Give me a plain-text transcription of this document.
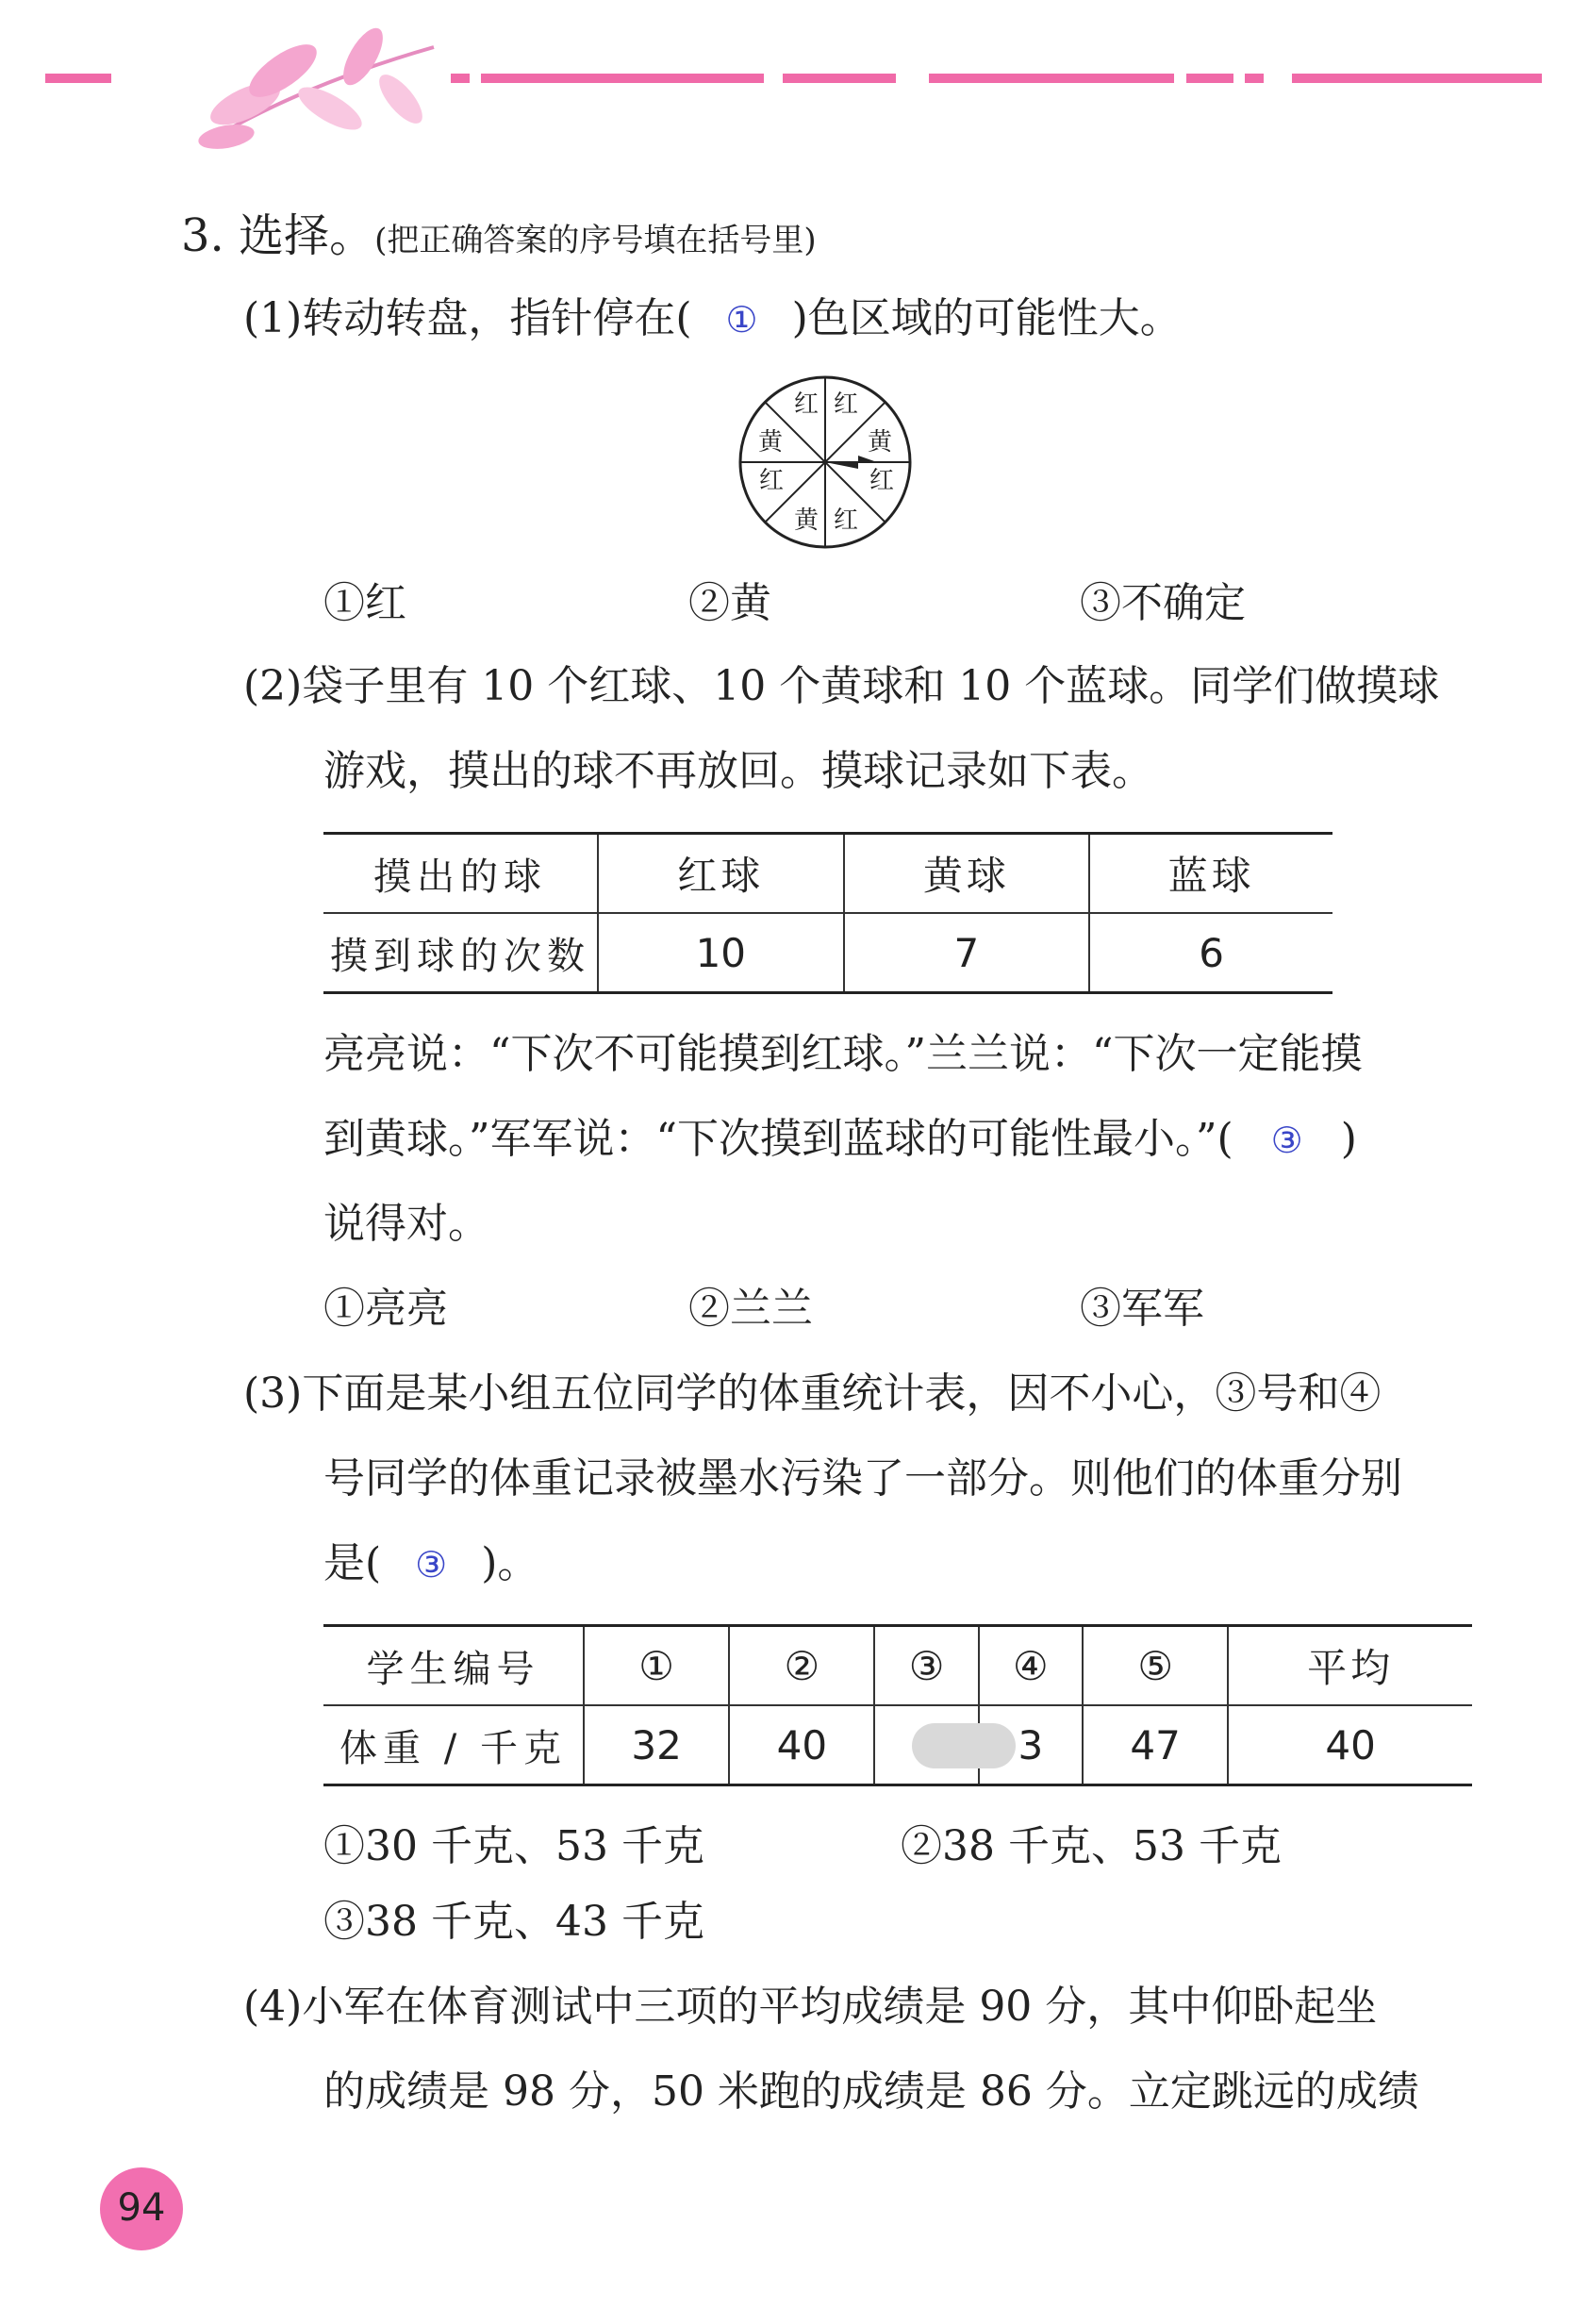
3. 选择。(把正确答案的序号填在括号里)
(1)转动转盘，指针停在( ① )色区域的可能性大。
红 红
黄
红
红
黄
红
黄
①红	②黄	③不确定
(2)袋子里有 10 个红球、10 个黄球和 10 个蓝球。同学们做摸球
游戏，摸出的球不再放回。摸球记录如下表。
摸出的球	红球	黄球	蓝球
摸到球的次数	10	7	6
亮亮说：“下次不可能摸到红球。”兰兰说：“下次一定能摸
到黄球。”军军说：“下次摸到蓝球的可能性最小。”( ③ )
说得对。
①亮亮	②兰兰	③军军
(3)下面是某小组五位同学的体重统计表，因不小心，③号和④
号同学的体重记录被墨水污染了一部分。则他们的体重分别
是( ③ )。
学生编号	①	②	③	④	⑤	平均
体重 / 千克	32	40		3	47	40
①30 千克、53 千克	②38 千克、53 千克
③38 千克、43 千克
(4)小军在体育测试中三项的平均成绩是 90 分，其中仰卧起坐
的成绩是 98 分，50 米跑的成绩是 86 分。立定跳远的成绩
94
